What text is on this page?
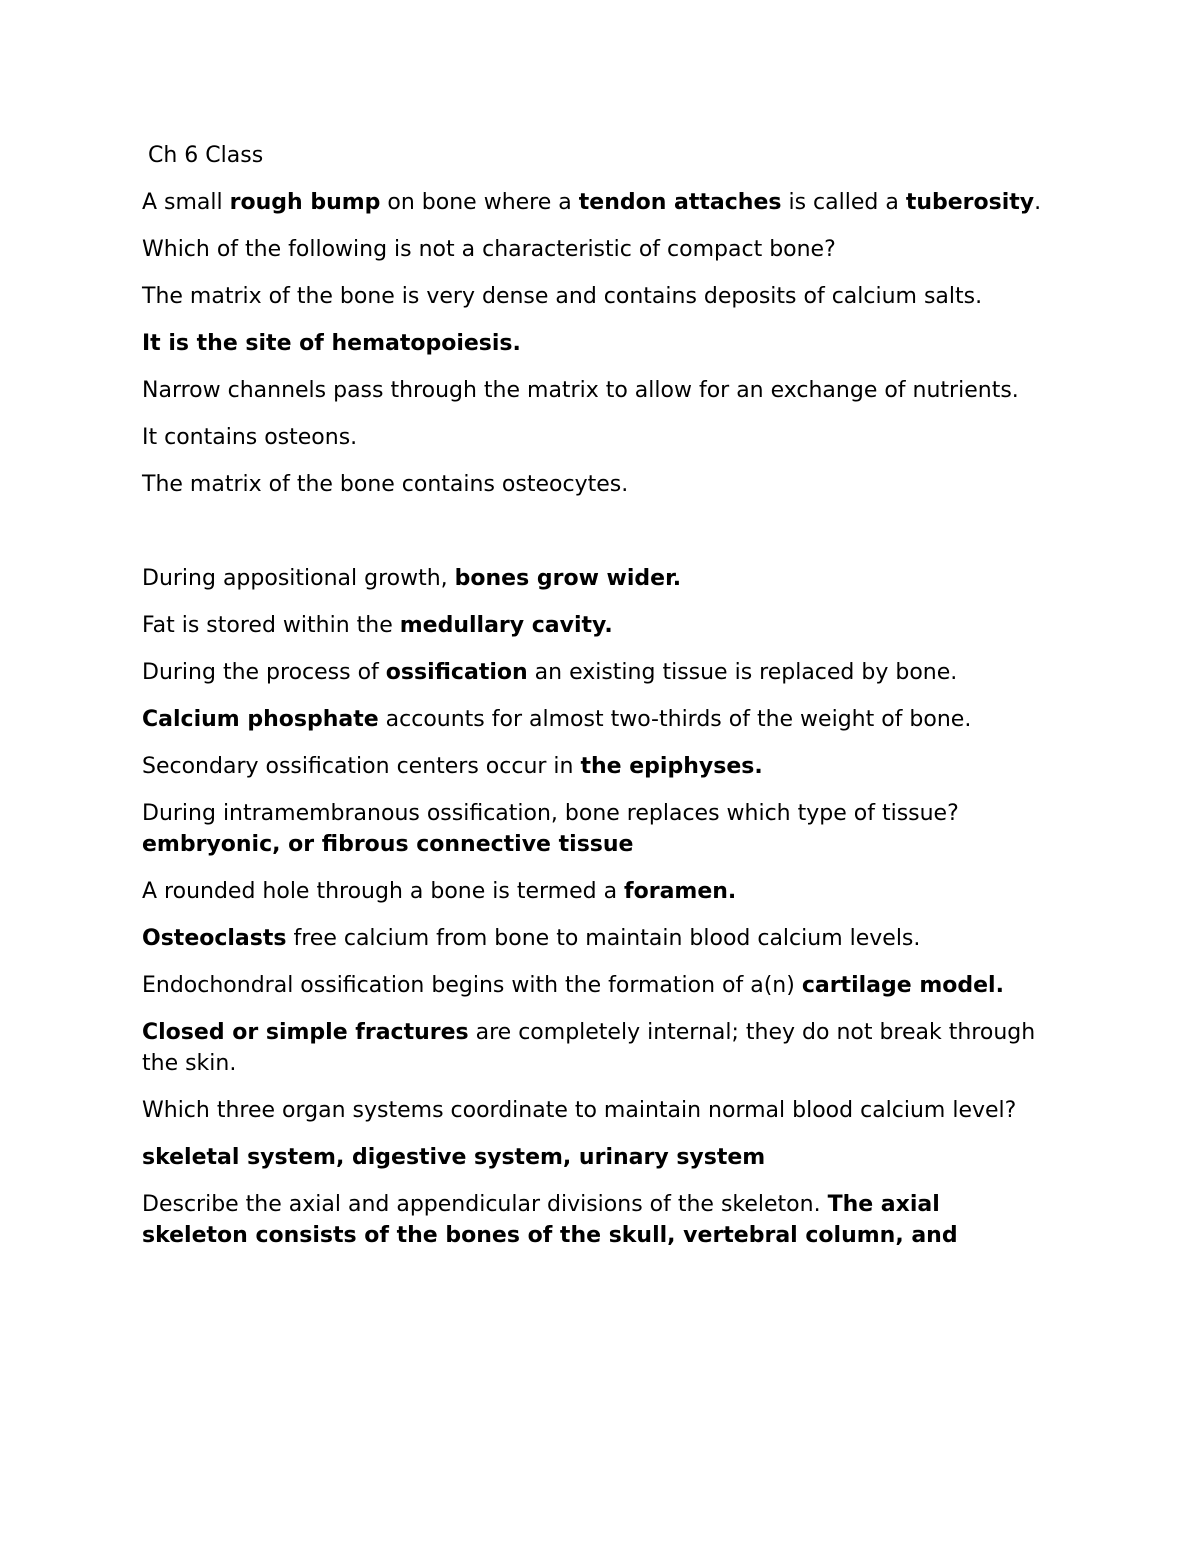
Ch 6 Class
A small rough bump on bone where a tendon attaches is called a tuberosity.
Which of the following is not a characteristic of compact bone?
The matrix of the bone is very dense and contains deposits of calcium salts.
It is the site of hematopoiesis.
Narrow channels pass through the matrix to allow for an exchange of nutrients.
It contains osteons.
The matrix of the bone contains osteocytes.
During appositional growth, bones grow wider.
Fat is stored within the medullary cavity.
During the process of ossification an existing tissue is replaced by bone.
Calcium phosphate accounts for almost two-thirds of the weight of bone.
Secondary ossification centers occur in the epiphyses.
During intramembranous ossification, bone replaces which type of tissue? embryonic, or fibrous connective tissue
A rounded hole through a bone is termed a foramen.
Osteoclasts free calcium from bone to maintain blood calcium levels.
Endochondral ossification begins with the formation of a(n) cartilage model.
Closed or simple fractures are completely internal; they do not break through the skin.
Which three organ systems coordinate to maintain normal blood calcium level?
skeletal system, digestive system, urinary system
Describe the axial and appendicular divisions of the skeleton. The axial skeleton consists of the bones of the skull, vertebral column, and
